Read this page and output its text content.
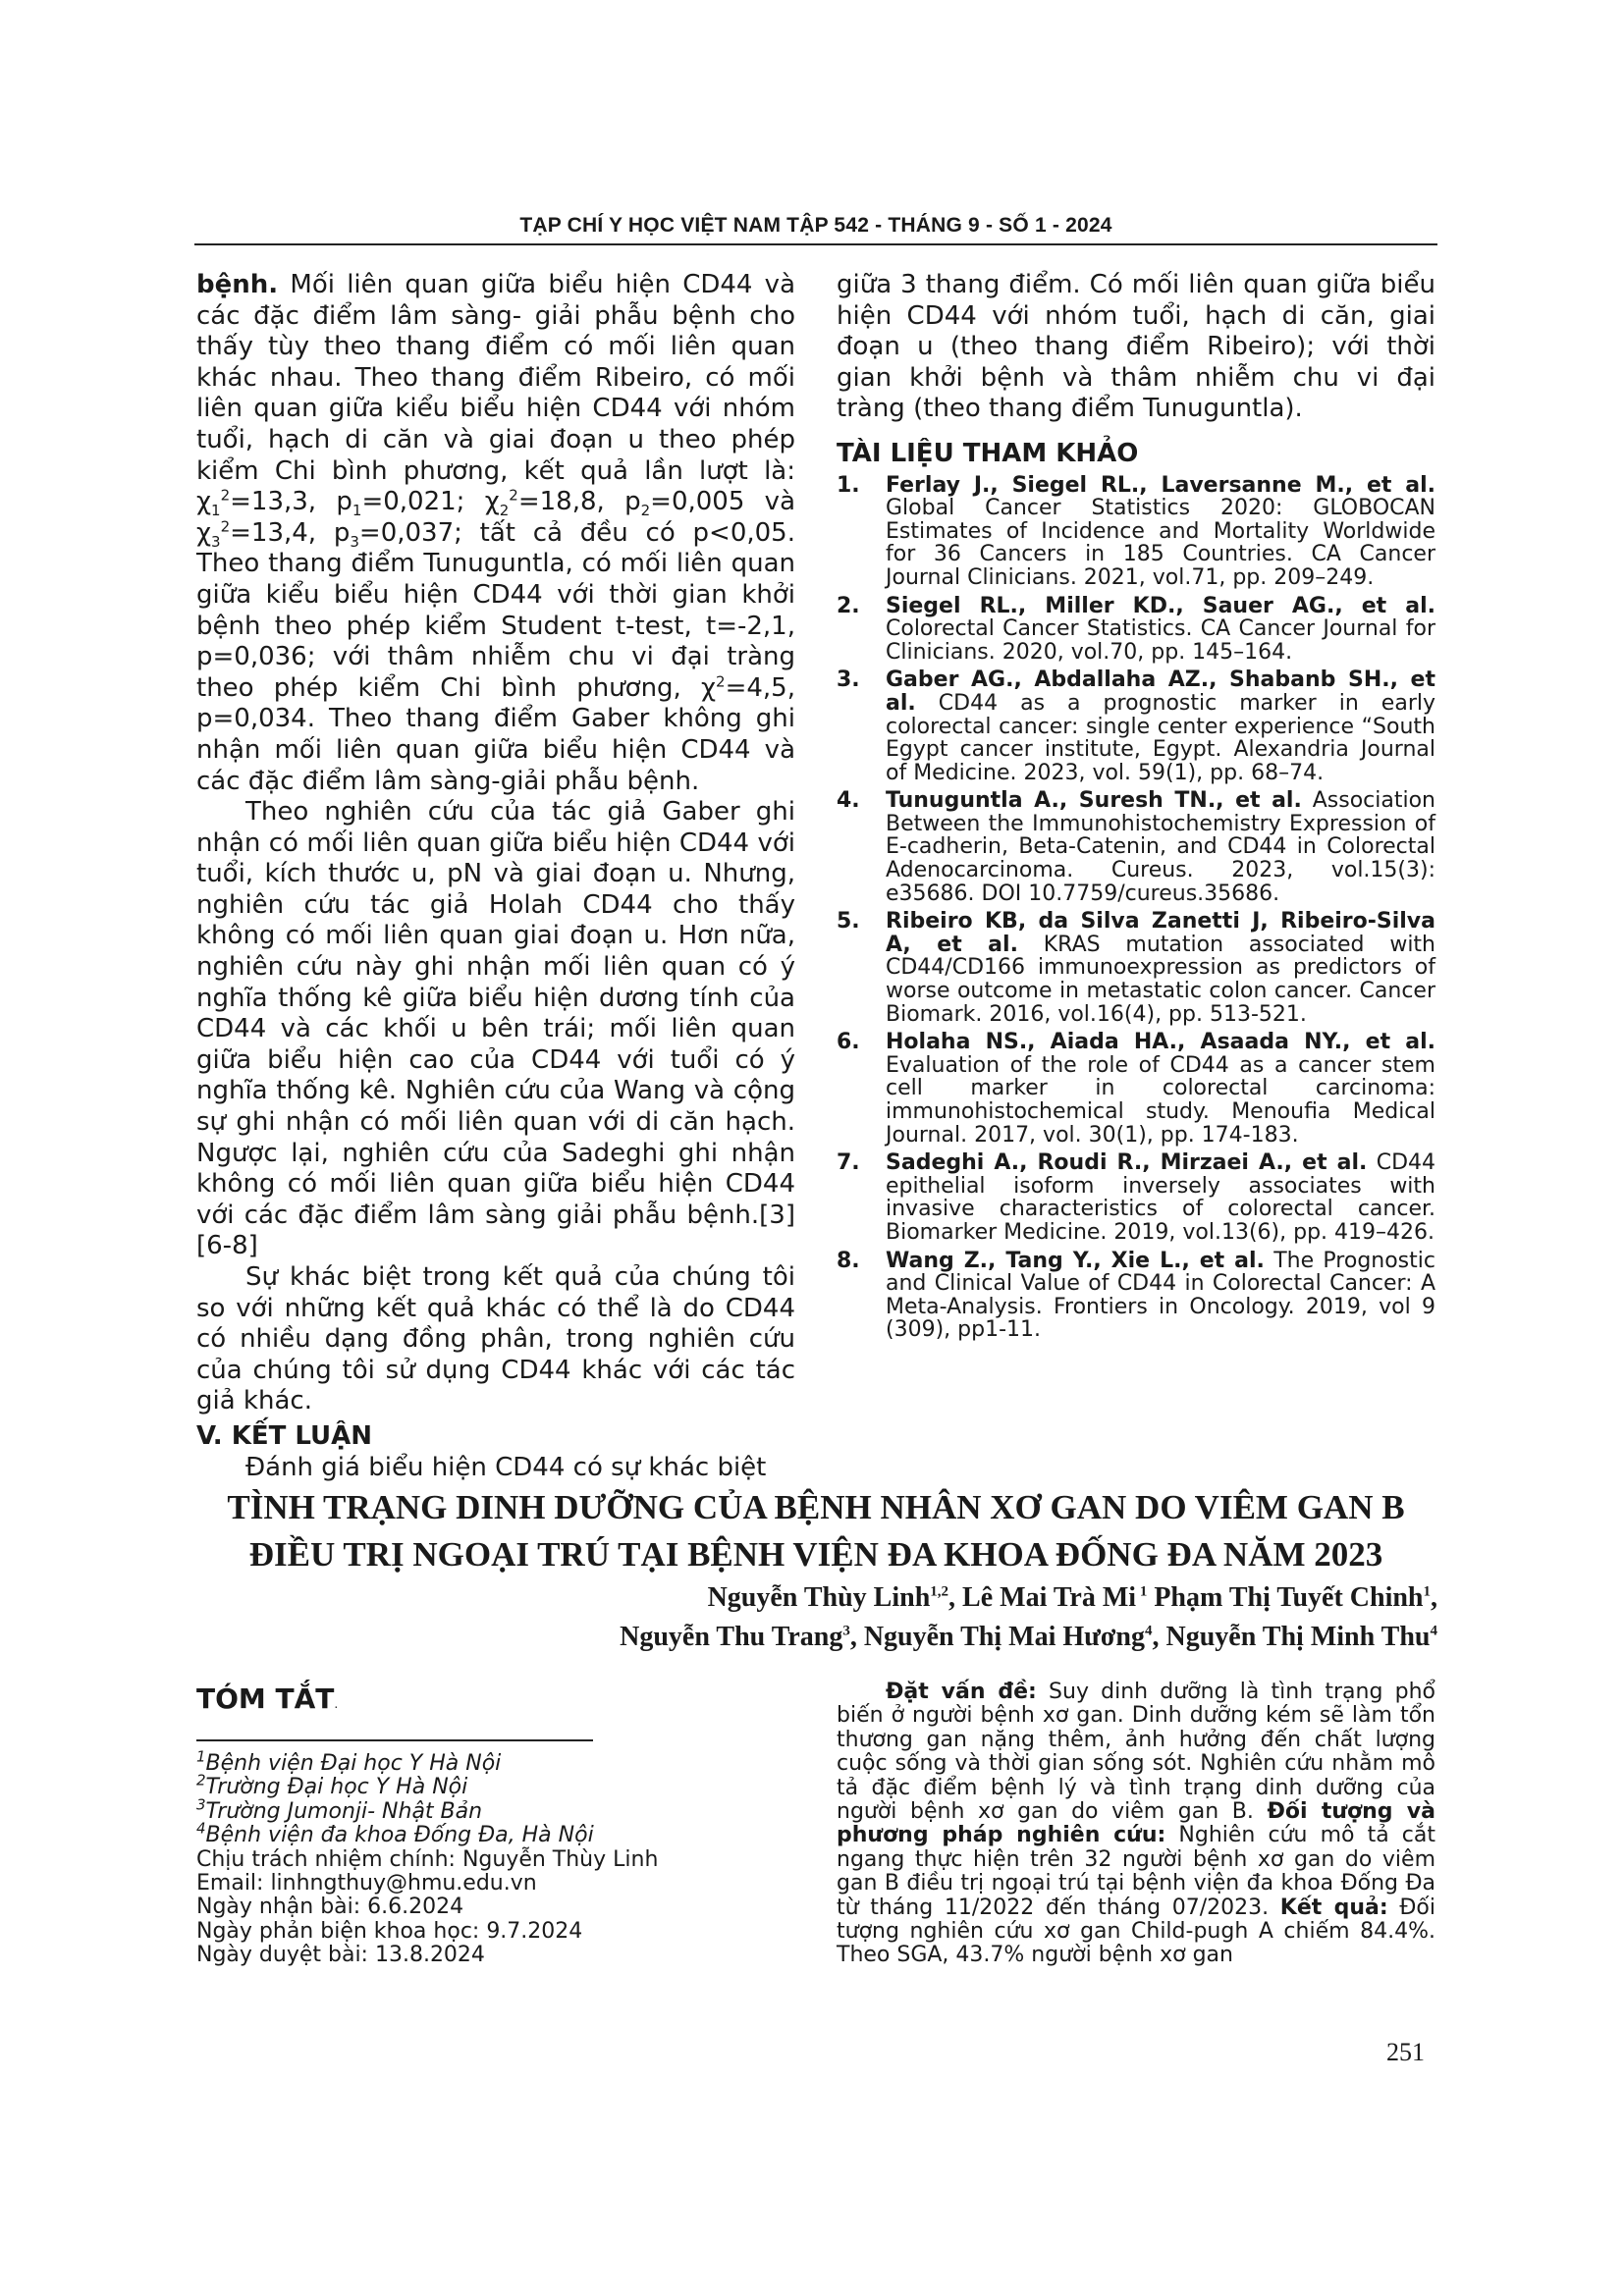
TẠP CHÍ Y HỌC VIỆT NAM TẬP 542 - THÁNG 9 - SỐ 1 - 2024

bệnh. Mối liên quan giữa biểu hiện CD44 và các đặc điểm lâm sàng- giải phẫu bệnh cho thấy tùy theo thang điểm có mối liên quan khác nhau. Theo thang điểm Ribeiro, có mối liên quan giữa kiểu biểu hiện CD44 với nhóm tuổi, hạch di căn và giai đoạn u theo phép kiểm Chi bình phương, kết quả lần lượt là: $\chi_1^2=13,3$, $p_1=0,021$; $\chi_2^2=18,8$, $p_2=0,005$ và $\chi_3^2=13,4$, $p_3=0,037$; tất cả đều có p<0,05. Theo thang điểm Tunuguntla, có mối liên quan giữa kiểu biểu hiện CD44 với thời gian khởi bệnh theo phép kiểm Student t-test, t=-2,1, p=0,036; với thâm nhiễm chu vi đại tràng theo phép kiểm Chi bình phương, $\chi^2=4,5$, p=0,034. Theo thang điểm Gaber không ghi nhận mối liên quan giữa biểu hiện CD44 và các đặc điểm lâm sàng-giải phẫu bệnh.

Theo nghiên cứu của tác giả Gaber ghi nhận có mối liên quan giữa biểu hiện CD44 với tuổi, kích thước u, pN và giai đoạn u. Nhưng, nghiên cứu tác giả Holah CD44 cho thấy không có mối liên quan giai đoạn u. Hơn nữa, nghiên cứu này ghi nhận mối liên quan có ý nghĩa thống kê giữa biểu hiện dương tính của CD44 và các khối u bên trái; mối liên quan giữa biểu hiện cao của CD44 với tuổi có ý nghĩa thống kê. Nghiên cứu của Wang và cộng sự ghi nhận có mối liên quan với di căn hạch. Ngược lại, nghiên cứu của Sadeghi ghi nhận không có mối liên quan giữa biểu hiện CD44 với các đặc điểm lâm sàng giải phẫu bệnh.[3][6-8]

Sự khác biệt trong kết quả của chúng tôi so với những kết quả khác có thể là do CD44 có nhiều dạng đồng phân, trong nghiên cứu của chúng tôi sử dụng CD44 khác với các tác giả khác.

V. KẾT LUẬN

Đánh giá biểu hiện CD44 có sự khác biệt

giữa 3 thang điểm. Có mối liên quan giữa biểu hiện CD44 với nhóm tuổi, hạch di căn, giai đoạn u (theo thang điểm Ribeiro); với thời gian khởi bệnh và thâm nhiễm chu vi đại tràng (theo thang điểm Tunuguntla).

TÀI LIỆU THAM KHẢO
1. Ferlay J., Siegel RL., Laversanne M., et al. Global Cancer Statistics 2020: GLOBOCAN Estimates of Incidence and Mortality Worldwide for 36 Cancers in 185 Countries. CA Cancer Journal Clinicians. 2021, vol.71, pp. 209–249.
2. Siegel RL., Miller KD., Sauer AG., et al. Colorectal Cancer Statistics. CA Cancer Journal for Clinicians. 2020, vol.70, pp. 145–164.
3. Gaber AG., Abdallaha AZ., Shabanb SH., et al. CD44 as a prognostic marker in early colorectal cancer: single center experience “South Egypt cancer institute, Egypt. Alexandria Journal of Medicine. 2023, vol. 59(1), pp. 68–74.
4. Tunuguntla A., Suresh TN., et al. Association Between the Immunohistochemistry Expression of E-cadherin, Beta-Catenin, and CD44 in Colorectal Adenocarcinoma. Cureus. 2023, vol.15(3): e35686. DOI 10.7759/cureus.35686.
5. Ribeiro KB, da Silva Zanetti J, Ribeiro-Silva A, et al. KRAS mutation associated with CD44/CD166 immunoexpression as predictors of worse outcome in metastatic colon cancer. Cancer Biomark. 2016, vol.16(4), pp. 513-521.
6. Holaha NS., Aiada HA., Asaada NY., et al. Evaluation of the role of CD44 as a cancer stem cell marker in colorectal carcinoma: immunohistochemical study. Menoufia Medical Journal. 2017, vol. 30(1), pp. 174-183.
7. Sadeghi A., Roudi R., Mirzaei A., et al. CD44 epithelial isoform inversely associates with invasive characteristics of colorectal cancer. Biomarker Medicine. 2019, vol.13(6), pp. 419–426.
8. Wang Z., Tang Y., Xie L., et al. The Prognostic and Clinical Value of CD44 in Colorectal Cancer: A Meta-Analysis. Frontiers in Oncology. 2019, vol 9 (309), pp1-11.
TÌNH TRẠNG DINH DƯỠNG CỦA BỆNH NHÂN XƠ GAN DO VIÊM GAN B
ĐIỀU TRỊ NGOẠI TRÚ TẠI BỆNH VIỆN ĐA KHOA ĐỐNG ĐA NĂM 2023
Nguyễn Thùy Linh$^{1,2}$, Lê Mai Trà Mi $^1$ Phạm Thị Tuyết Chinh$^1$,
Nguyễn Thu Trang$^3$, Nguyễn Thị Mai Hương$^4$, Nguyễn Thị Minh Thu$^4$
TÓM TẮT.
$^1$Bệnh viện Đại học Y Hà Nội
$^2$Trường Đại học Y Hà Nội
$^3$Trường Jumonji- Nhật Bản
$^4$Bệnh viện đa khoa Đống Đa, Hà Nội
Chịu trách nhiệm chính: Nguyễn Thùy Linh
Email: linhngthuy@hmu.edu.vn
Ngày nhận bài: 6.6.2024
Ngày phản biện khoa học: 9.7.2024
Ngày duyệt bài: 13.8.2024
Đặt vấn đề: Suy dinh dưỡng là tình trạng phổ biến ở người bệnh xơ gan. Dinh dưỡng kém sẽ làm tổn thương gan nặng thêm, ảnh hưởng đến chất lượng cuộc sống và thời gian sống sót. Nghiên cứu nhằm mô tả đặc điểm bệnh lý và tình trạng dinh dưỡng của người bệnh xơ gan do viêm gan B. Đối tượng và phương pháp nghiên cứu: Nghiên cứu mô tả cắt ngang thực hiện trên 32 người bệnh xơ gan do viêm gan B điều trị ngoại trú tại bệnh viện đa khoa Đống Đa từ tháng 11/2022 đến tháng 07/2023. Kết quả: Đối tượng nghiên cứu xơ gan Child-pugh A chiếm 84.4%. Theo SGA, 43.7% người bệnh xơ gan
251
